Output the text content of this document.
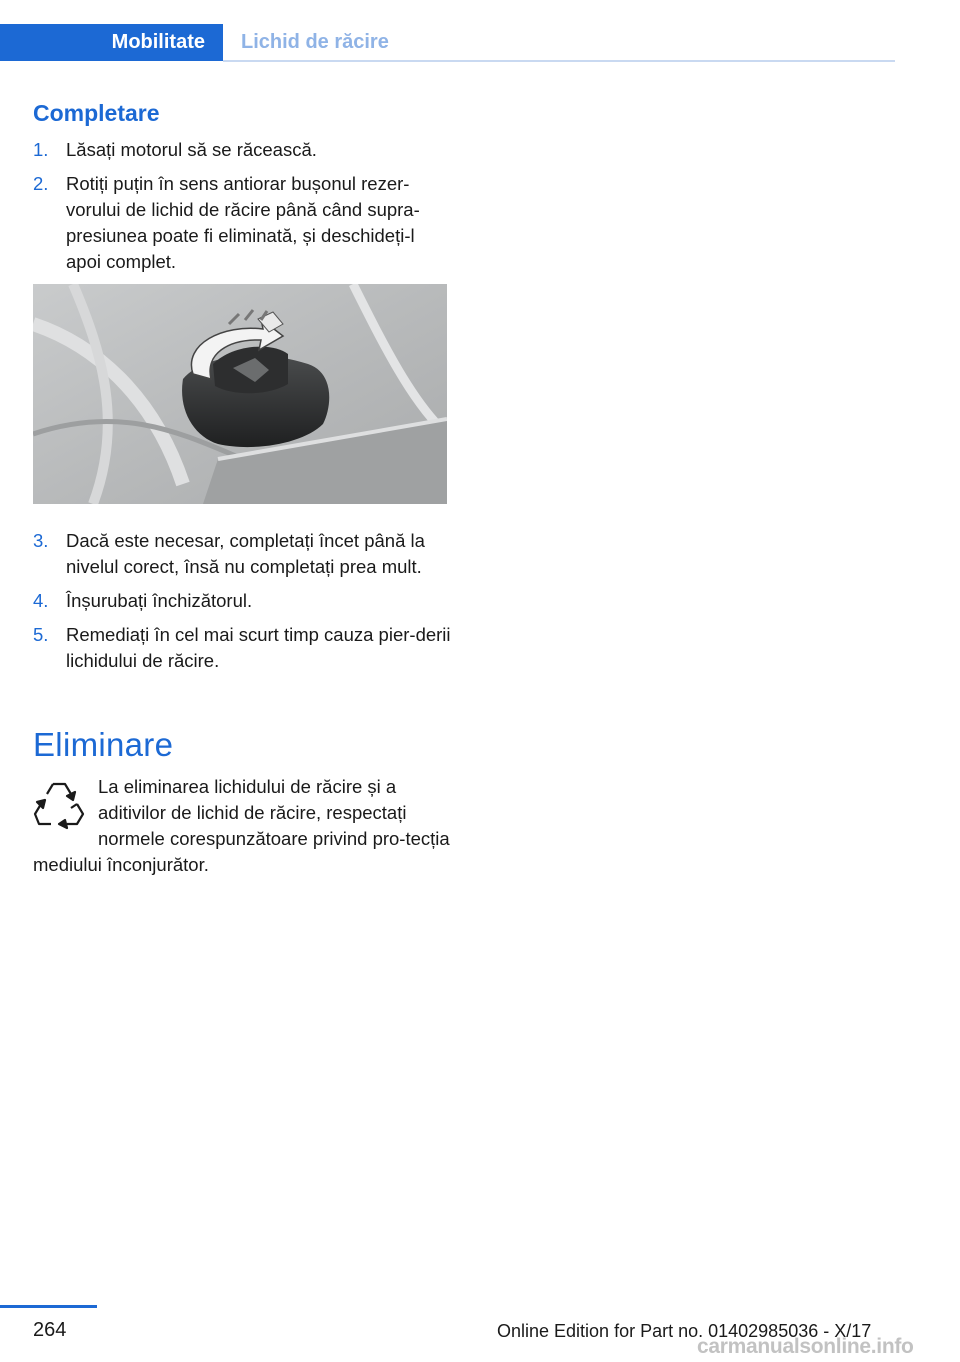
Mobilitate	Lichid de răcire
Completare
1. Lăsați motorul să se răcească.
2. Rotiți puțin în sens antiorar bușonul rezer-vorului de lichid de răcire până când supra-presiunea poate fi eliminată, și deschideți-l apoi complet.
3. Dacă este necesar, completați încet până la nivelul corect, însă nu completați prea mult.
4. Înșurubați închizătorul.
5. Remediați în cel mai scurt timp cauza pier-derii lichidului de răcire.
Eliminare

La eliminarea lichidului de răcire și a aditivilor de lichid de răcire, respectați normele corespunzătoare privind pro-tecția mediului înconjurător.

264	Online Edition for Part no. 01402985036 - X/17
carmanualsonline.info
